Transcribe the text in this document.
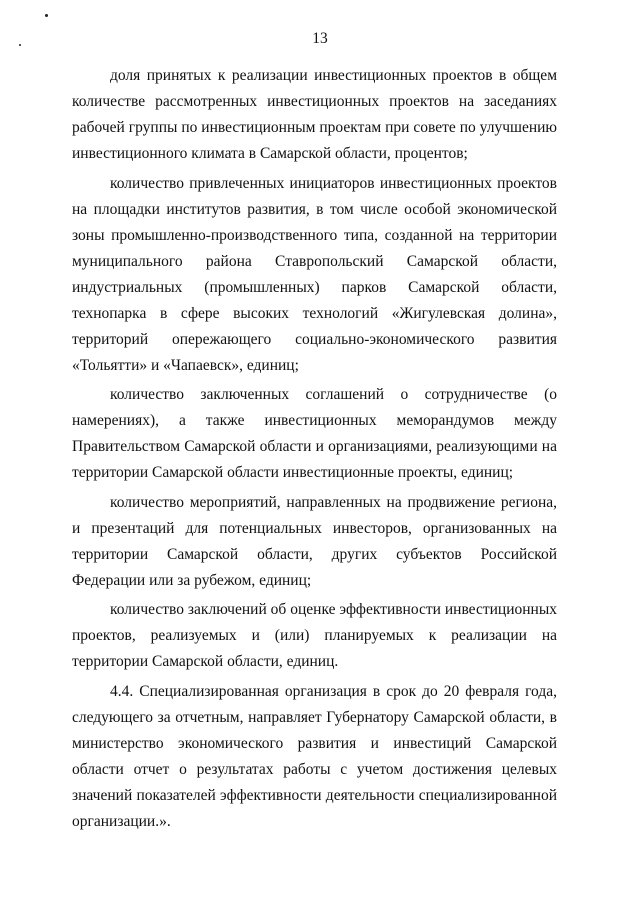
13

доля принятых к реализации инвестиционных проектов в общем количестве рассмотренных инвестиционных проектов на заседаниях рабочей группы по инвестиционным проектам при совете по улучшению инвестиционного климата в Самарской области, процентов;

количество привлеченных инициаторов инвестиционных проектов на площадки институтов развития, в том числе особой экономической зоны промышленно-производственного типа, созданной на территории муниципального района Ставропольский Самарской области, индустриальных (промышленных) парков Самарской области, технопарка в сфере высоких технологий «Жигулевская долина», территорий опережающего социально-экономического развития «Тольятти» и «Чапаевск», единиц;

количество заключенных соглашений о сотрудничестве (о намерениях), а также инвестиционных меморандумов между Правительством Самарской области и организациями, реализующими на территории Самарской области инвестиционные проекты, единиц;

количество мероприятий, направленных на продвижение региона, и презентаций для потенциальных инвесторов, организованных на территории Самарской области, других субъектов Российской Федерации или за рубежом, единиц;

количество заключений об оценке эффективности инвестиционных проектов, реализуемых и (или) планируемых к реализации на территории Самарской области, единиц.

4.4. Специализированная организация в срок до 20 февраля года, следующего за отчетным, направляет Губернатору Самарской области, в министерство экономического развития и инвестиций Самарской области отчет о результатах работы с учетом достижения целевых значений показателей эффективности деятельности специализированной организации.».
